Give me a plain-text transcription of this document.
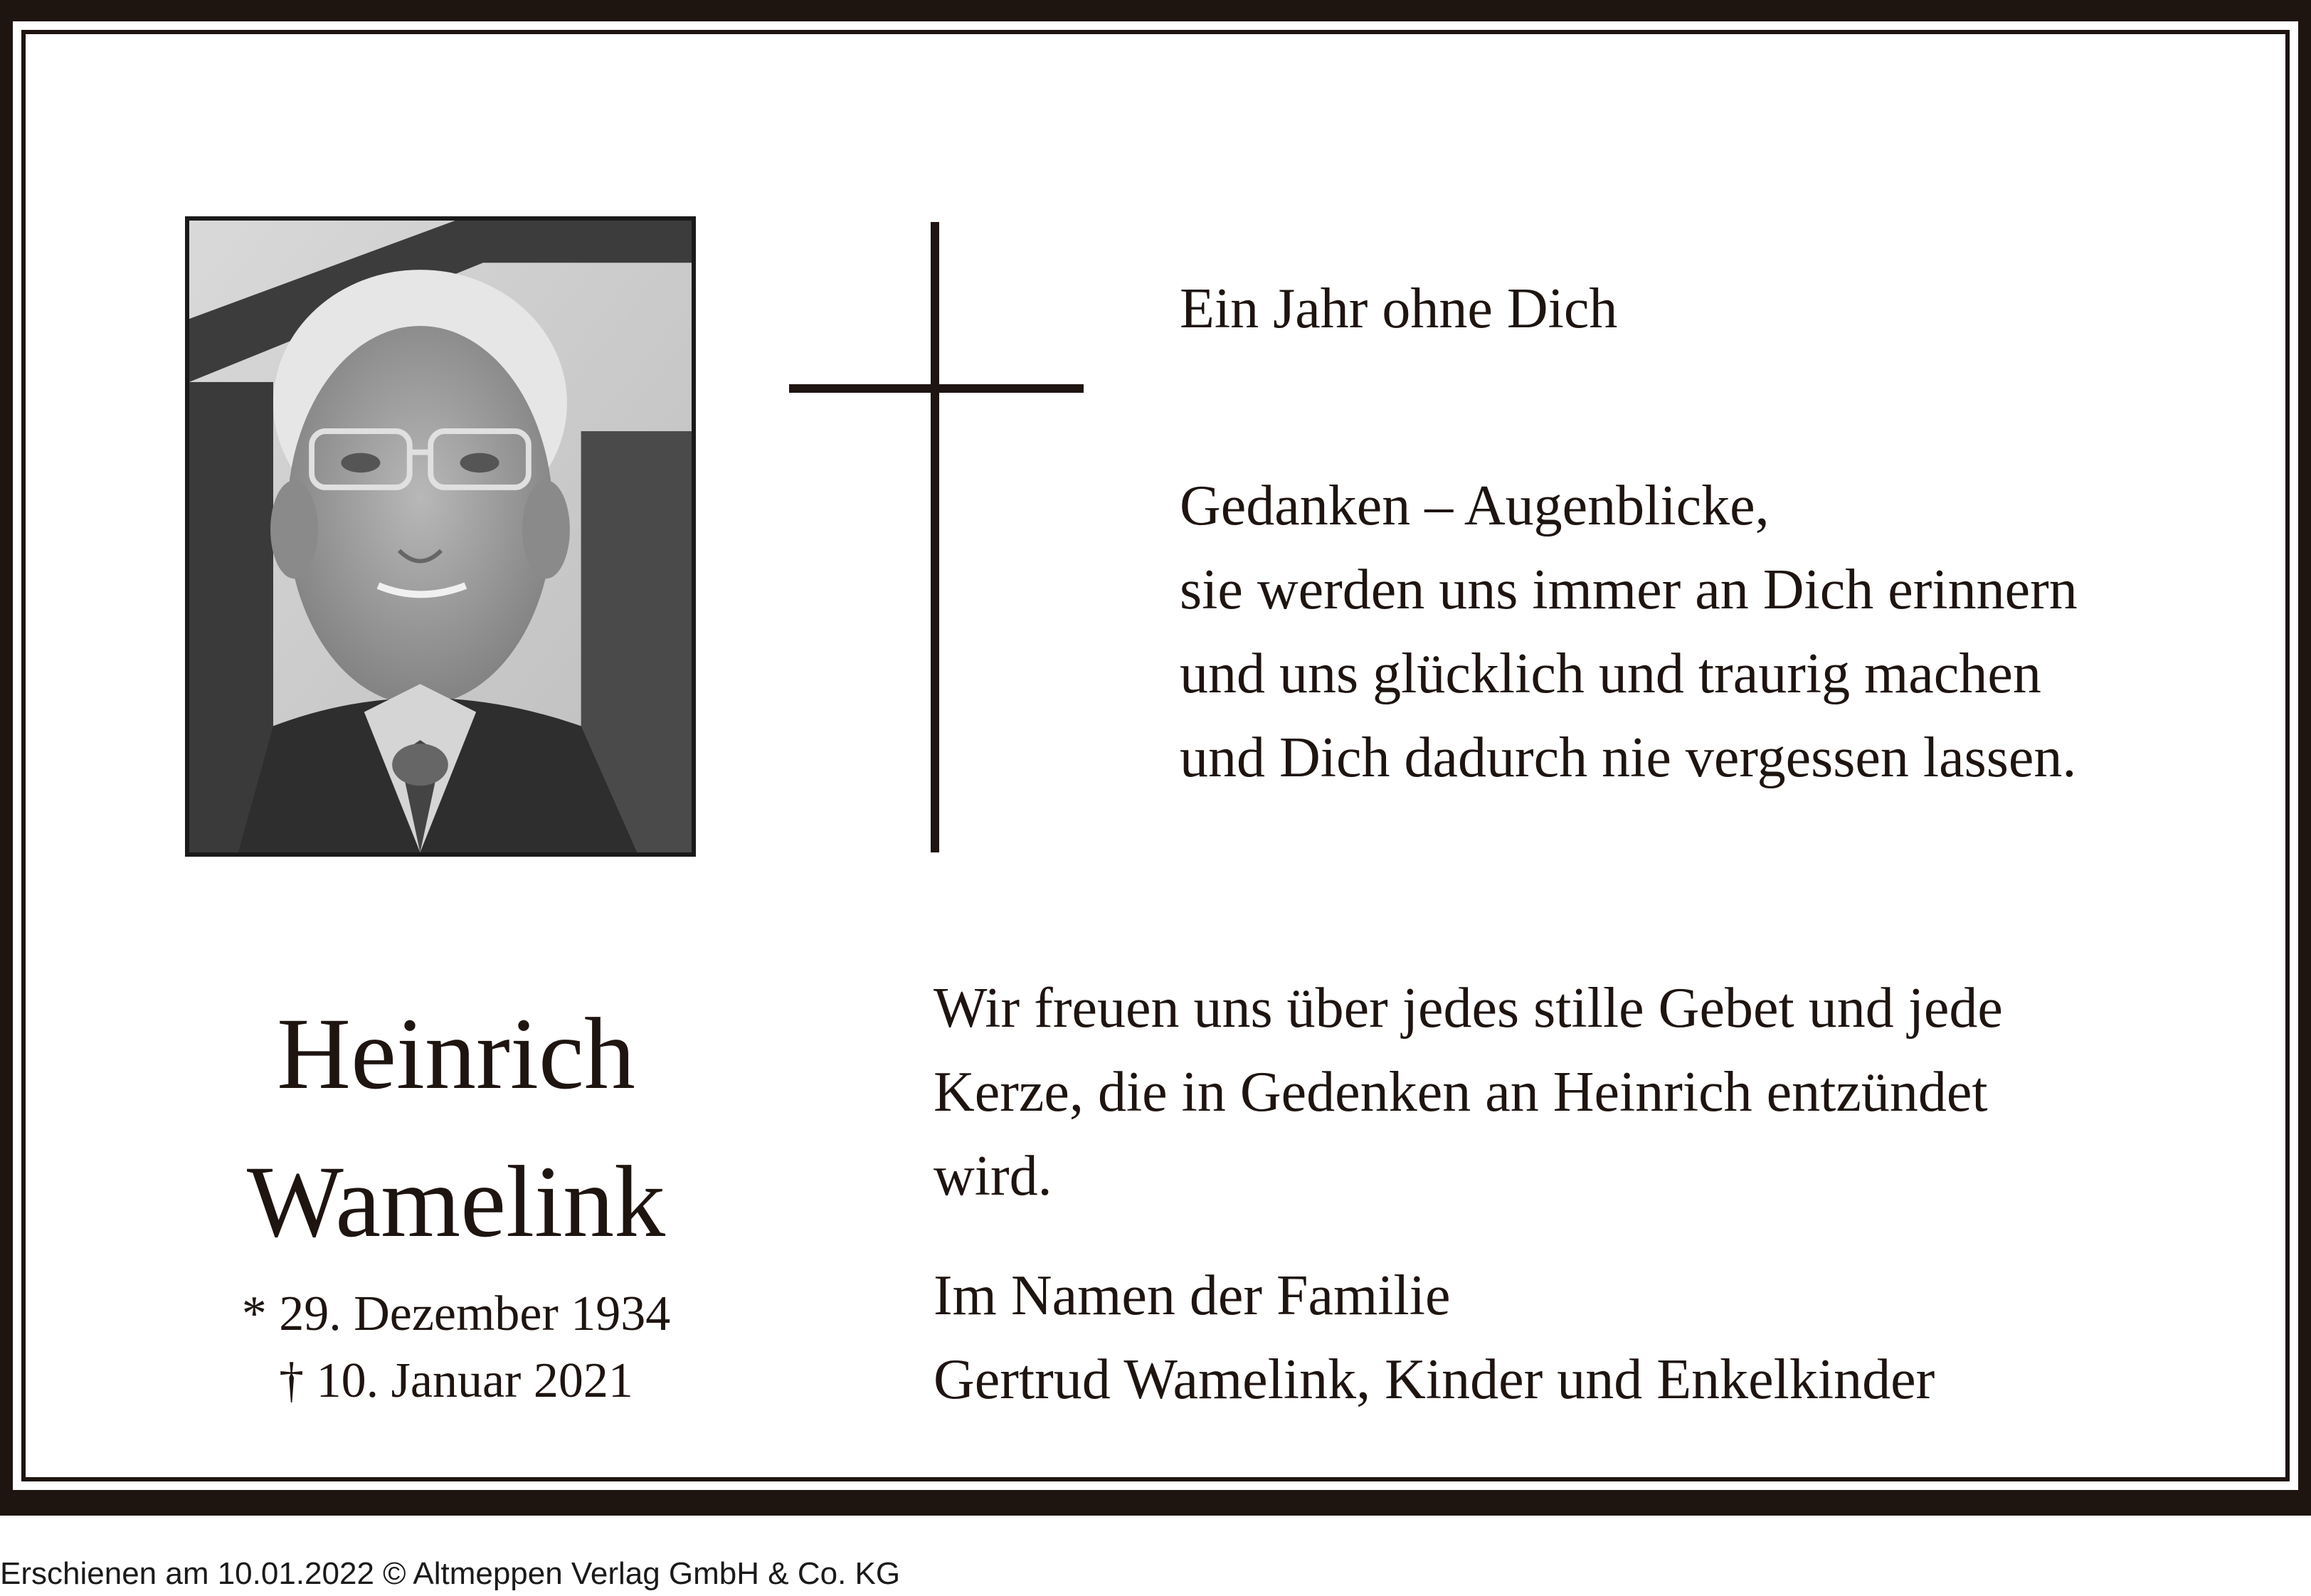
Ein Jahr ohne Dich

Gedanken – Augenblicke,
sie werden uns immer an Dich erinnern
und uns glücklich und traurig machen
und Dich dadurch nie vergessen lassen.
Heinrich
Wamelink
* 29. Dezember 1934
† 10. Januar 2021
Wir freuen uns über jedes stille Gebet und jede
Kerze, die in Gedenken an Heinrich entzündet
wird.
Im Namen der Familie
Gertrud Wamelink, Kinder und Enkelkinder
Erschienen am 10.01.2022 © Altmeppen Verlag GmbH & Co. KG
